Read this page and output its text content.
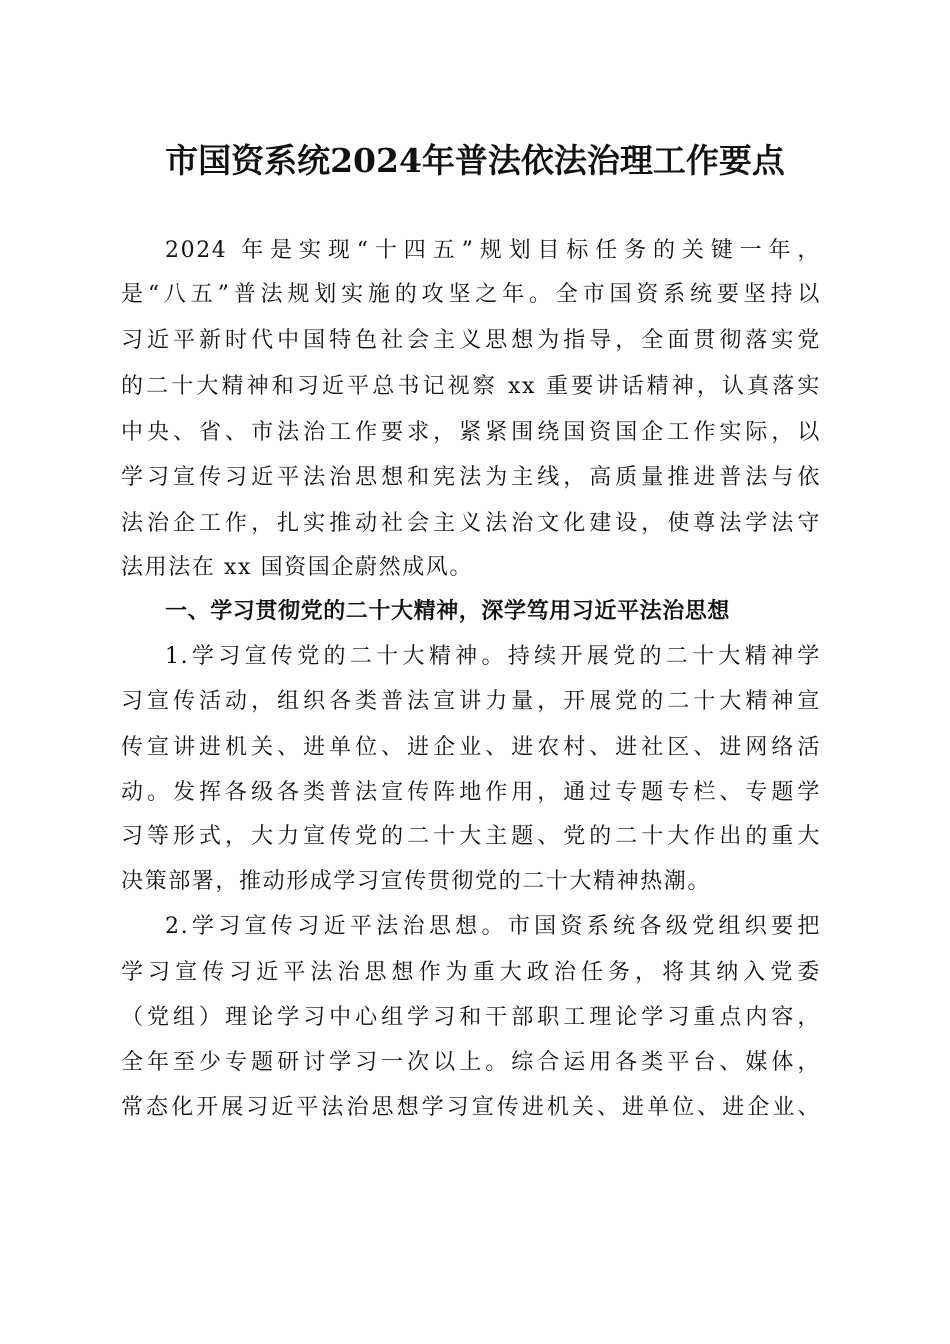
市国资系统2024年普法依法治理工作要点
2024 年是实现“十四五”规划目标任务的关键一年，
是“八五”普法规划实施的攻坚之年。全市国资系统要坚持以
习近平新时代中国特色社会主义思想为指导，全面贯彻落实党
的二十大精神和习近平总书记视察 xx 重要讲话精神，认真落实
中央、省、市法治工作要求，紧紧围绕国资国企工作实际，以
学习宣传习近平法治思想和宪法为主线，高质量推进普法与依
法治企工作，扎实推动社会主义法治文化建设，使尊法学法守
法用法在 xx 国资国企蔚然成风。
一、学习贯彻党的二十大精神，深学笃用习近平法治思想
1.学习宣传党的二十大精神。持续开展党的二十大精神学
习宣传活动，组织各类普法宣讲力量，开展党的二十大精神宣
传宣讲进机关、进单位、进企业、进农村、进社区、进网络活
动。发挥各级各类普法宣传阵地作用，通过专题专栏、专题学
习等形式，大力宣传党的二十大主题、党的二十大作出的重大
决策部署，推动形成学习宣传贯彻党的二十大精神热潮。
2.学习宣传习近平法治思想。市国资系统各级党组织要把
学习宣传习近平法治思想作为重大政治任务，将其纳入党委
（党组）理论学习中心组学习和干部职工理论学习重点内容，
全年至少专题研讨学习一次以上。综合运用各类平台、媒体，
常态化开展习近平法治思想学习宣传进机关、进单位、进企业、
